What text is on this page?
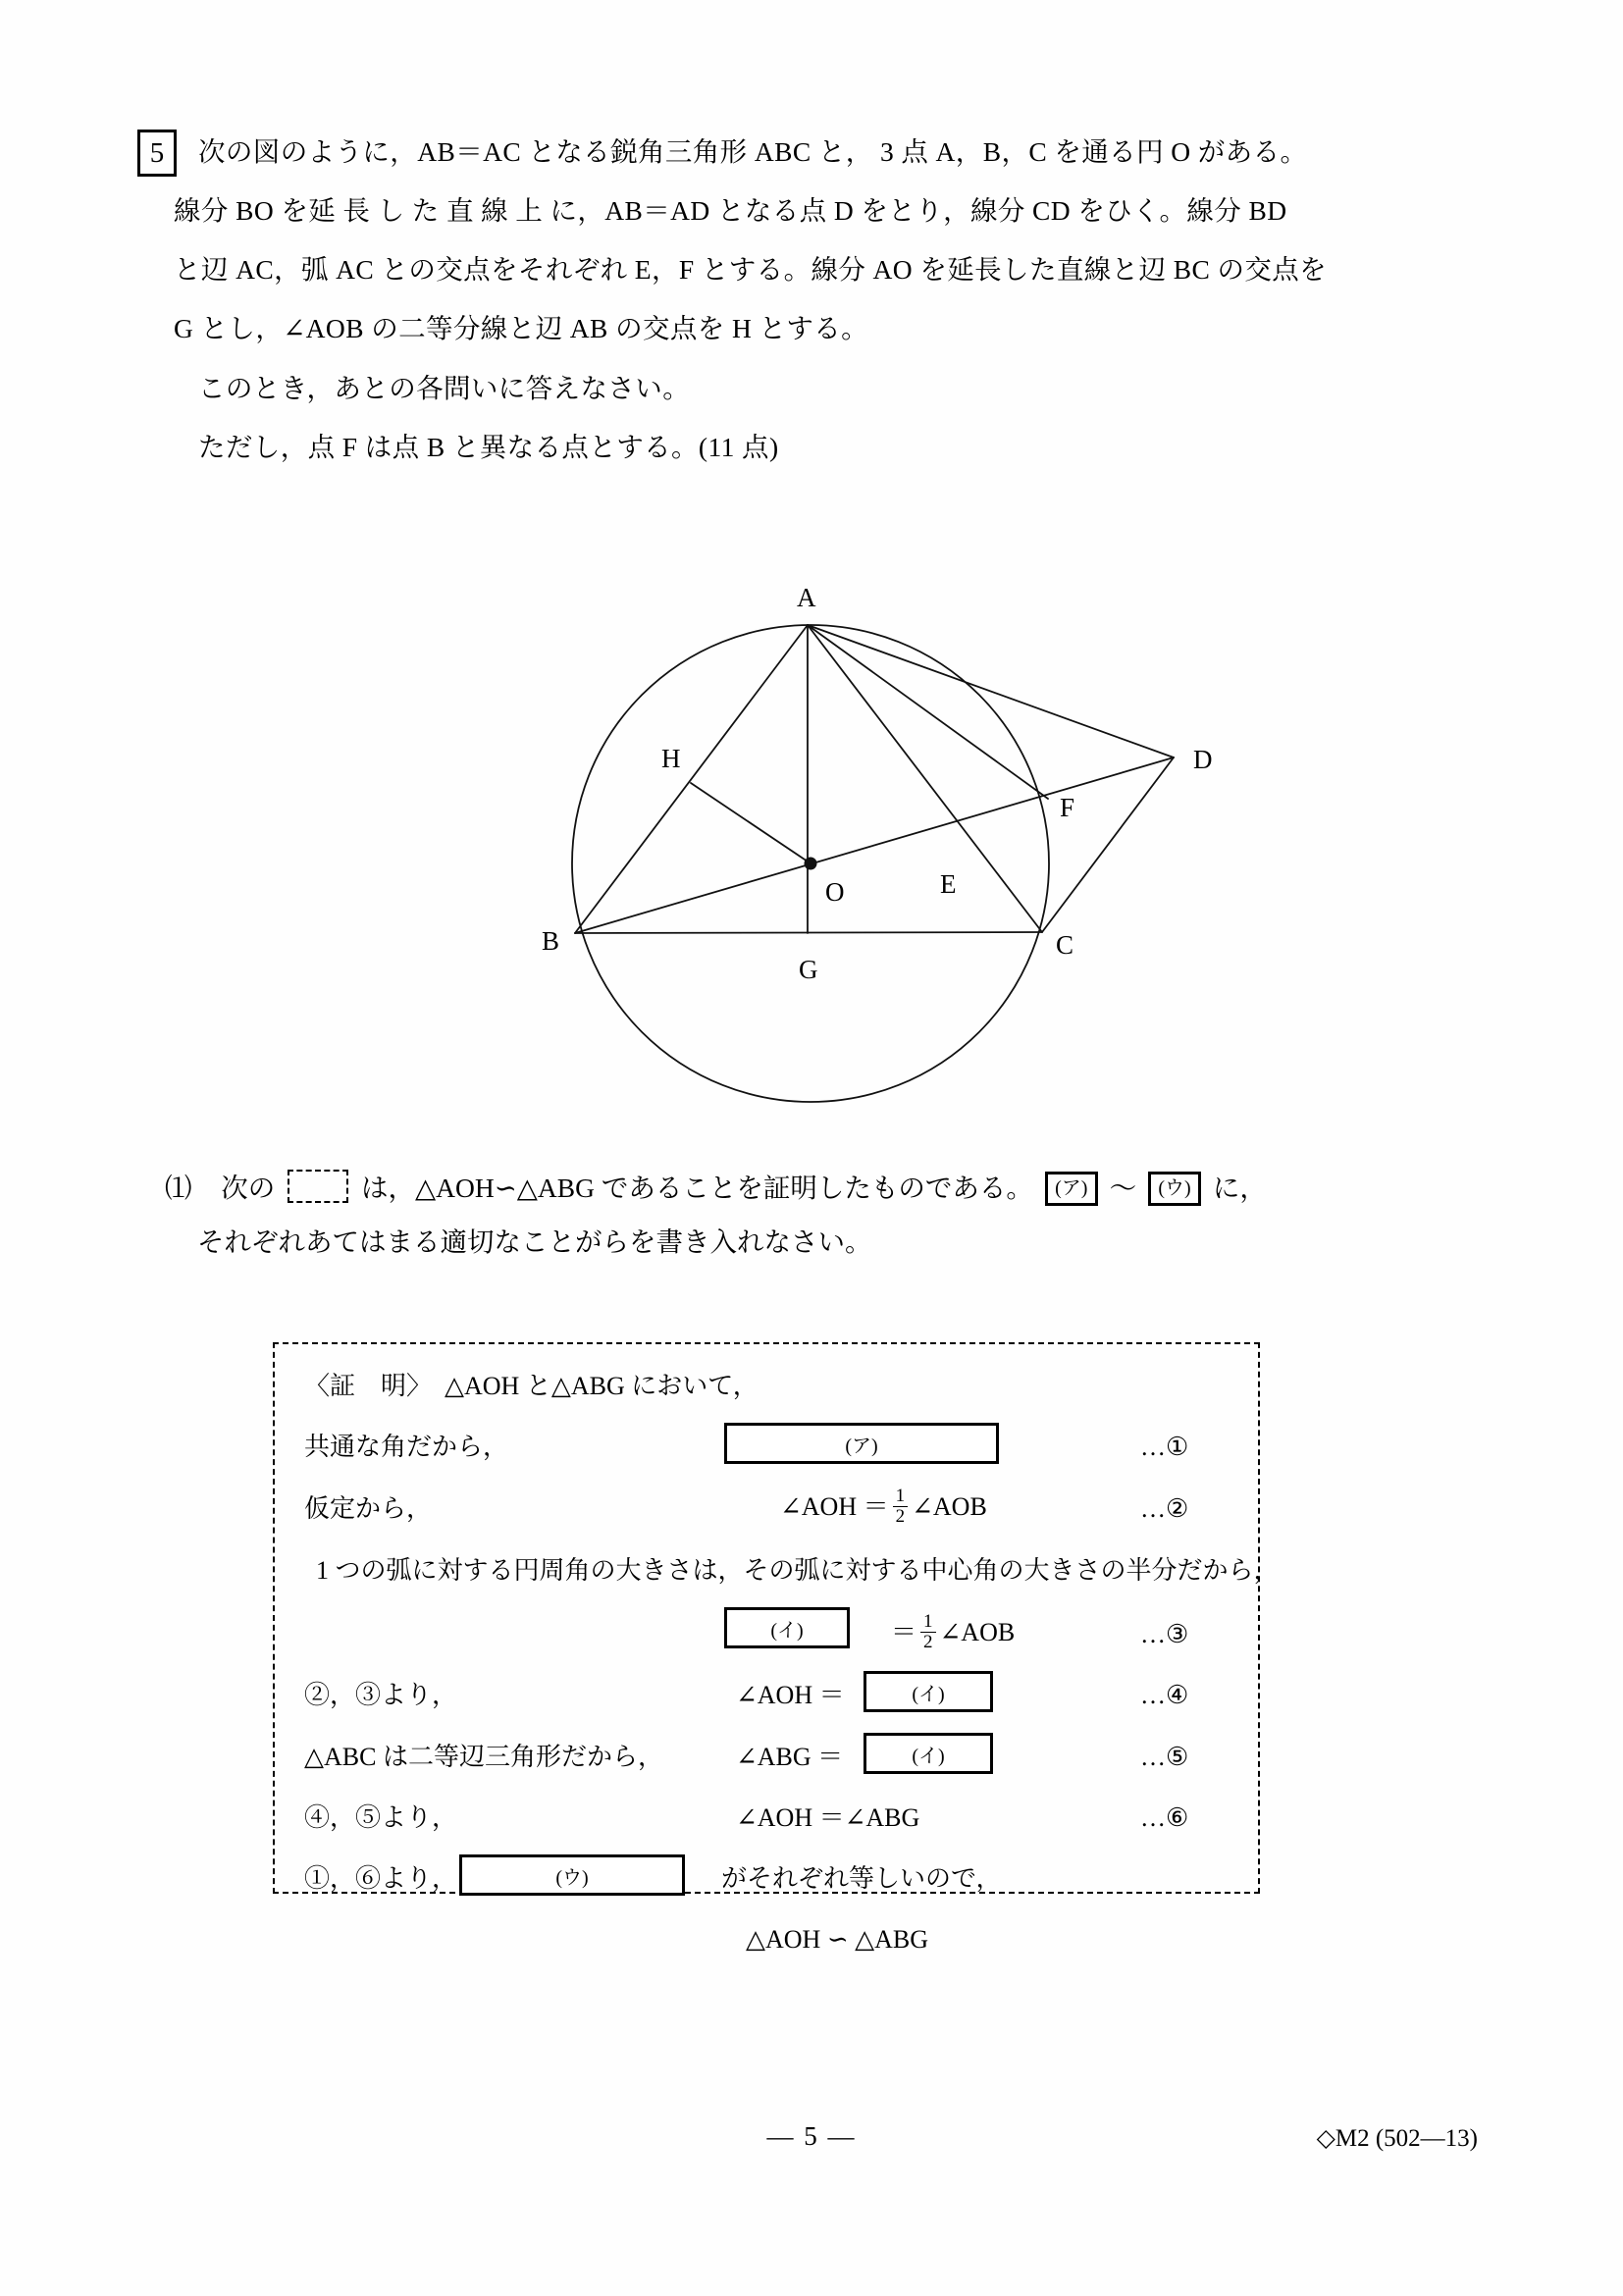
5	次の図のように，AB＝AC となる鋭角三角形 ABC と， 3 点 A，B，C を通る円 O がある。
線分 BO を延 長 し た 直 線 上 に，AB＝AD となる点 D をとり，線分 CD をひく。線分 BD
と辺 AC，弧 AC との交点をそれぞれ E，F とする。線分 AO を延長した直線と辺 BC の交点を
G とし，∠AOB の二等分線と辺 AB の交点を H とする。
このとき，あとの各問いに答えなさい。
ただし，点 F は点 B と異なる点とする。(11 点)
A
B	C
D
E
F
G
H
O
⑴ 次の	は，△AOH∽△ABG であることを証明したものである。 (ア) 〜 (ウ) に，
それぞれあてはまる適切なことがらを書き入れなさい。
〈証　明〉　△AOH と△ABG において，
共通な角だから，	(ア)	…①
仮定から，	∠AOH ＝ $\frac{1}{2}$ ∠AOB	…②
1 つの弧に対する円周角の大きさは，その弧に対する中心角の大きさの半分だから，
(イ)	＝ $\frac{1}{2}$ ∠AOB	…③
②，③より，	∠AOH ＝	(イ)	…④
△ABC は二等辺三角形だから，	∠ABG ＝	(イ)	…⑤
④，⑤より，	∠AOH ＝∠ABG	…⑥
①，⑥より，	(ウ)	がそれぞれ等しいので，
△AOH ∽ △ABG
— 5 —	◇M2 (502—13)
